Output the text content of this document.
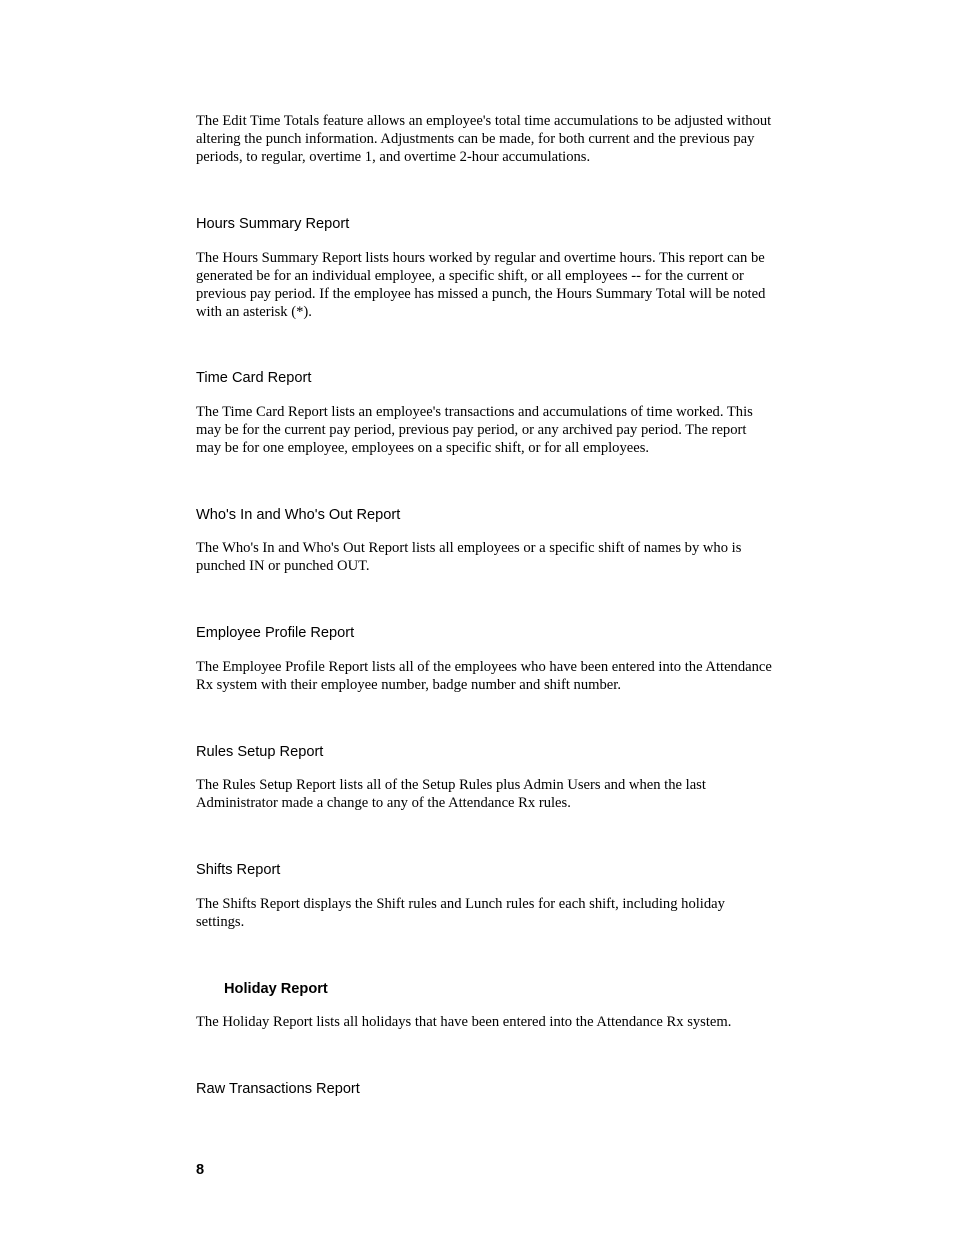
The Edit Time Totals feature allows an employee's total time accumulations to be adjusted without
altering the punch information. Adjustments can be made, for both current and the previous pay
periods, to regular, overtime 1, and overtime 2-hour accumulations.
Hours Summary Report
The Hours Summary Report lists hours worked by regular and overtime hours. This report can be
generated be for an individual employee, a specific shift, or all employees -- for the current or
previous pay period. If the employee has missed a punch, the Hours Summary Total will be noted
with an asterisk (*).
Time Card Report
The Time Card Report lists an employee's transactions and accumulations of time worked. This
may be for the current pay period, previous pay period, or any archived pay period. The report
may be for one employee, employees on a specific shift, or for all employees.
Who's In and Who's Out Report
The Who's In and Who's Out Report lists all employees or a specific shift of names by who is
punched IN or punched OUT.
Employee Profile Report
The Employee Profile Report lists all of the employees who have been entered into the Attendance
Rx system with their employee number, badge number and shift number.
Rules Setup Report
The Rules Setup Report lists all of the Setup Rules plus Admin Users and when the last
Administrator made a change to any of the Attendance Rx rules.
Shifts Report
The Shifts Report displays the Shift rules and Lunch rules for each shift, including holiday
settings.
Holiday Report
The Holiday Report lists all holidays that have been entered into the Attendance Rx system.
Raw Transactions Report
8
